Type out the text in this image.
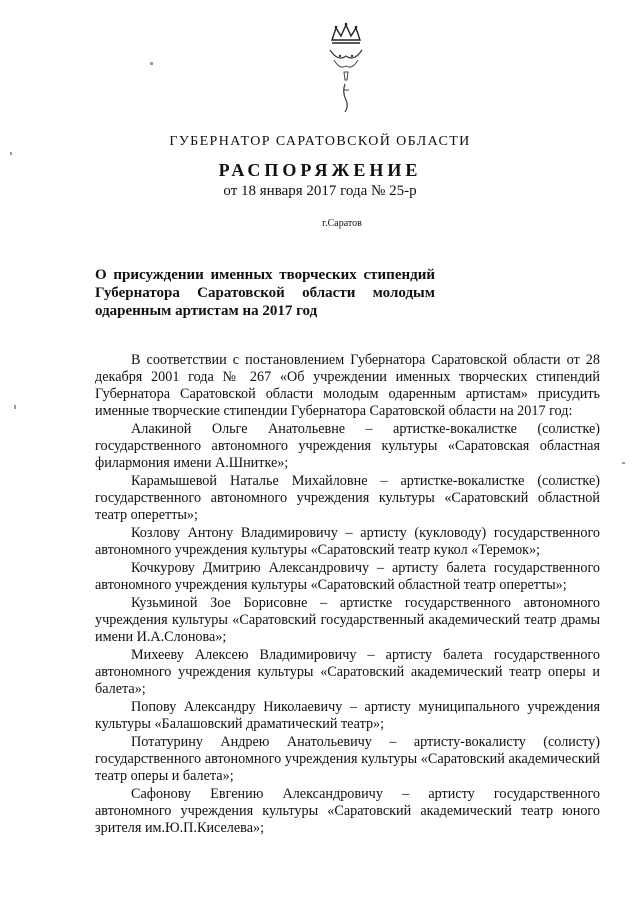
ГУБЕРНАТОР САРАТОВСКОЙ ОБЛАСТИ
РАСПОРЯЖЕНИЕ
от 18 января 2017 года № 25-р
г.Саратов
О присуждении именных творческих стипендий Губернатора Саратовской области молодым одаренным артистам на 2017 год

В соответствии с постановлением Губернатора Саратовской области от 28 декабря 2001 года № 267 «Об учреждении именных творческих стипендий Губернатора Саратовской области молодым одаренным артистам» присудить именные творческие стипендии Губернатора Саратовской области на 2017 год:

Алакиной Ольге Анатольевне – артистке-вокалистке (солистке) государственного автономного учреждения культуры «Саратовская областная филармония имени А.Шнитке»;

Карамышевой Наталье Михайловне – артистке-вокалистке (солистке) государственного автономного учреждения культуры «Саратовский областной театр оперетты»;

Козлову Антону Владимировичу – артисту (кукловоду) государственного автономного учреждения культуры «Саратовский театр кукол «Теремок»;

Кочкурову Дмитрию Александровичу – артисту балета государственного автономного учреждения культуры «Саратовский областной театр оперетты»;

Кузьминой Зое Борисовне – артистке государственного автономного учреждения культуры «Саратовский государственный академический театр драмы имени И.А.Слонова»;

Михееву Алексею Владимировичу – артисту балета государственного автономного учреждения культуры «Саратовский академический театр оперы и балета»;

Попову Александру Николаевичу – артисту муниципального учреждения культуры «Балашовский драматический театр»;

Потатурину Андрею Анатольевичу – артисту-вокалисту (солисту) государственного автономного учреждения культуры «Саратовский академический театр оперы и балета»;

Сафонову Евгению Александровичу – артисту государственного автономного учреждения культуры «Саратовский академический театр юного зрителя им.Ю.П.Киселева»;
